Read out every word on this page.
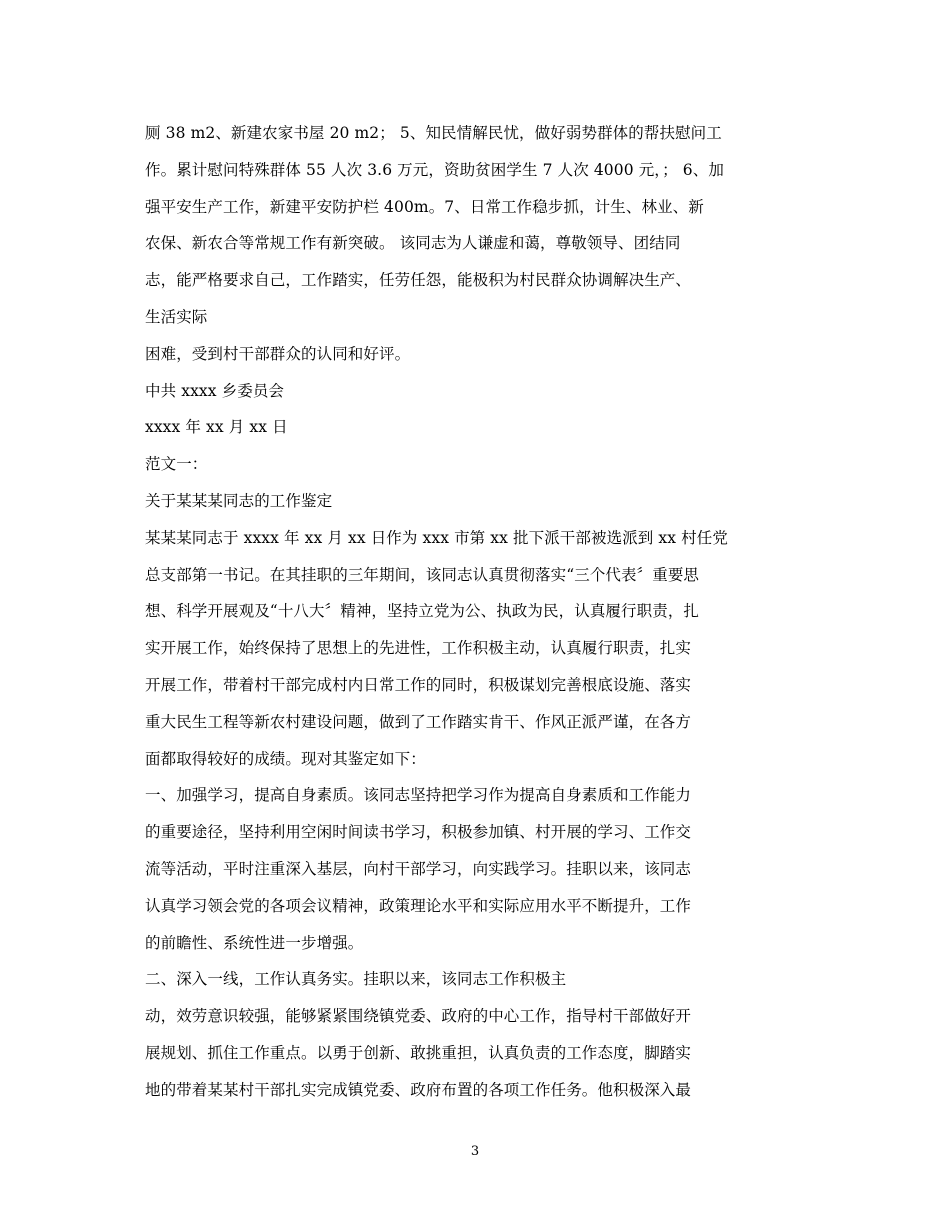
厕 38 m2、新建农家书屋 20 m2； 5、知民情解民忧，做好弱势群体的帮扶慰问工
作。累计慰问特殊群体 55 人次 3.6 万元，资助贫困学生 7 人次 4000 元，； 6、加
强平安生产工作，新建平安防护栏 400m。7、日常工作稳步抓，计生、林业、新
农保、新农合等常规工作有新突破。 该同志为人谦虚和蔼，尊敬领导、团结同
志，能严格要求自己，工作踏实，任劳任怨，能极积为村民群众协调解决生产、
生活实际
困难，受到村干部群众的认同和好评。
中共 xxxx 乡委员会
xxxx 年 xx 月 xx 日
范文一：
关于某某某同志的工作鉴定
某某某同志于 xxxx 年 xx 月 xx 日作为 xxx 市第 xx 批下派干部被选派到 xx 村任党
总支部第一书记。在其挂职的三年期间，该同志认真贯彻落实“三个代表〞重要思
想、科学开展观及“十八大〞精神，坚持立党为公、执政为民，认真履行职责，扎
实开展工作，始终保持了思想上的先进性，工作积极主动，认真履行职责，扎实
开展工作，带着村干部完成村内日常工作的同时，积极谋划完善根底设施、落实
重大民生工程等新农村建设问题，做到了工作踏实肯干、作风正派严谨，在各方
面都取得较好的成绩。现对其鉴定如下：
一、加强学习，提高自身素质。该同志坚持把学习作为提高自身素质和工作能力
的重要途径，坚持利用空闲时间读书学习，积极参加镇、村开展的学习、工作交
流等活动，平时注重深入基层，向村干部学习，向实践学习。挂职以来，该同志
认真学习领会党的各项会议精神，政策理论水平和实际应用水平不断提升，工作
的前瞻性、系统性进一步增强。
二、深入一线，工作认真务实。挂职以来，该同志工作积极主
动，效劳意识较强，能够紧紧围绕镇党委、政府的中心工作，指导村干部做好开
展规划、抓住工作重点。以勇于创新、敢挑重担，认真负责的工作态度，脚踏实
地的带着某某村干部扎实完成镇党委、政府布置的各项工作任务。他积极深入最
3
